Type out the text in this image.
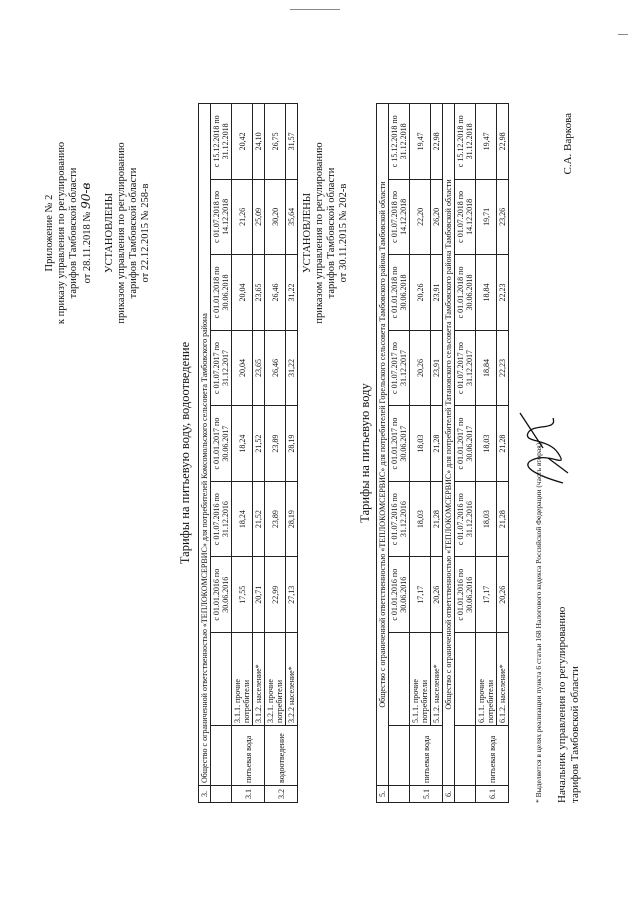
Приложение № 2 к приказу управления по регулированию тарифов Тамбовской области от 28.11.2018 № 90-в УСТАНОВЛЕНЫ приказом управления по регулированию тарифов Тамбовской области от 22.12.2015 № 258-в
Тарифы на питьевую воду, водоотведение
3.	Общество с ограниченной ответственностью «ТЕПЛОКОМСЕРВИС» для потребителей Комсомольского сельсовета Тамбовского района								
			с 01.01.2016 по 30.06.2016	с 01.07.2016 по 31.12.2016	с 01.01.2017 по 30.06.2017	с 01.07.2017 по 31.12.2017	с 01.01.2018 по 30.06.2018	с 01.07.2018 по 14.12.2018	с 15.12.2018 по 31.12.2018
3.1	питьевая вода	3.1.1. прочие потребители	17,55	18,24	18,24	20,04	20,04	21,26	20,42
		3.1.2. население*	20,71	21,52	21,52	23,65	23,65	25,09	24,10
3.2	водоотведение	3.2.1. прочие потребители	22,99	23,89	23,89	26,46	26,46	30,20	26,75
		3.2.2 население*	27,13	28,19	28,19	31,22	31,22	35,64	31,57
УСТАНОВЛЕНЫ приказом управления по регулированию тарифов Тамбовской области от 30.11.2015 № 202-в
Тарифы на питьевую воду
5.	Общество с ограниченной ответственностью «ТЕПЛОКОМСЕРВИС» для потребителей Горельского сельсовета Тамбовского района Тамбовской области								
			с 01.01.2016 по 30.06.2016	с 01.07.2016 по 31.12.2016	с 01.01.2017 по 30.06.2017	с 01.07.2017 по 31.12.2017	с 01.01.2018 по 30.06.2018	с 01.07.2018 по 14.12.2018	с 15.12.2018 по 31.12.2018
5.1	питьевая вода	5.1.1. прочие потребители	17,17	18,03	18,03	20,26	20,26	22,20	19,47
		5.1.2. население*	20,26	21,28	21,28	23,91	23,91	26,20	22,98
6.	Общество с ограниченной ответственностью «ТЕПЛОКОМСЕРВИС» для потребителей Татановского сельсовета Тамбовского района Тамбовской области								
			с 01.01.2016 по 30.06.2016	с 01.07.2016 по 31.12.2016	с 01.01.2017 по 30.06.2017	с 01.07.2017 по 31.12.2017	с 01.01.2018 по 30.06.2018	с 01.07.2018 по 14.12.2018	с 15.12.2018 по 31.12.2018
6.1	питьевая вода	6.1.1. прочие потребители	17,17	18,03	18,03	18,84	18,84	19,71	19,47
		6.1.2. население*	20,26	21,28	21,28	22,23	22,23	23,26	22,98
* Выделяется в целях реализации пункта 6 статьи 168 Налогового кодекса Российской Федерации (часть вторая). Начальник управления по регулированию тарифов Тамбовской области
С.А. Варкова
